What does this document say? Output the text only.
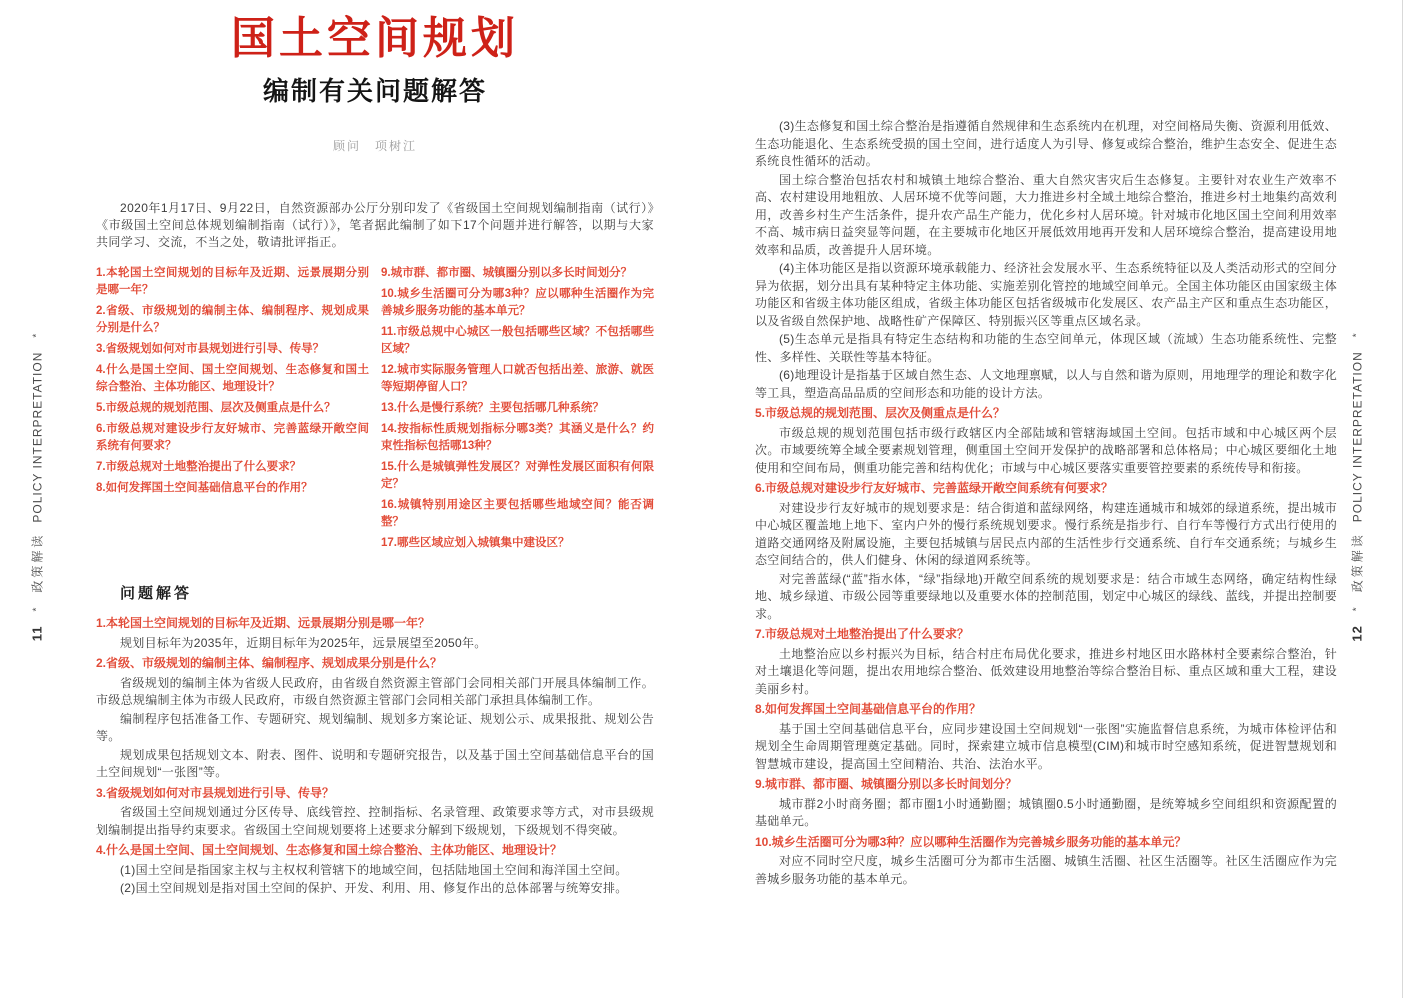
11*政策解读POLICY INTERPRETATION*
12*政策解读POLICY INTERPRETATION*
国土空间规划
编制有关问题解答
顾问　项树江

2020年1月17日、9月22日，自然资源部办公厅分别印发了《省级国土空间规划编制指南（试行）》《市级国土空间总体规划编制指南（试行）》，笔者据此编制了如下17个问题并进行解答，以期与大家共同学习、交流，不当之处，敬请批评指正。

1.本轮国土空间规划的目标年及近期、远景展期分别是哪一年？

2.省级、市级规划的编制主体、编制程序、规划成果分别是什么？

3.省级规划如何对市县规划进行引导、传导？

4.什么是国土空间、国土空间规划、生态修复和国土综合整治、主体功能区、地理设计？

5.市级总规的规划范围、层次及侧重点是什么？

6.市级总规对建设步行友好城市、完善蓝绿开敞空间系统有何要求？

7.市级总规对土地整治提出了什么要求？

8.如何发挥国土空间基础信息平台的作用？

9.城市群、都市圈、城镇圈分别以多长时间划分？

10.城乡生活圈可分为哪3种？应以哪种生活圈作为完善城乡服务功能的基本单元？

11.市级总规中心城区一般包括哪些区域？不包括哪些区域？

12.城市实际服务管理人口就否包括出差、旅游、就医等短期停留人口？

13.什么是慢行系统？主要包括哪几种系统？

14.按指标性质规划指标分哪3类？其涵义是什么？约束性指标包括哪13种？

15.什么是城镇弹性发展区？对弹性发展区面积有何限定？

16.城镇特别用途区主要包括哪些地域空间？能否调整？

17.哪些区域应划入城镇集中建设区？

问题解答

1.本轮国土空间规划的目标年及近期、远景展期分别是哪一年？

规划目标年为2035年，近期目标年为2025年，远景展望至2050年。

2.省级、市级规划的编制主体、编制程序、规划成果分别是什么？

省级规划的编制主体为省级人民政府，由省级自然资源主管部门会同相关部门开展具体编制工作。市级总规编制主体为市级人民政府，市级自然资源主管部门会同相关部门承担具体编制工作。

编制程序包括准备工作、专题研究、规划编制、规划多方案论证、规划公示、成果报批、规划公告等。

规划成果包括规划文本、附表、图件、说明和专题研究报告，以及基于国土空间基础信息平台的国土空间规划“一张图”等。

3.省级规划如何对市县规划进行引导、传导？

省级国土空间规划通过分区传导、底线管控、控制指标、名录管理、政策要求等方式，对市县级规划编制提出指导约束要求。省级国土空间规划要将上述要求分解到下级规划，下级规划不得突破。

4.什么是国土空间、国土空间规划、生态修复和国土综合整治、主体功能区、地理设计？

(1)国土空间是指国家主权与主权权利管辖下的地域空间，包括陆地国土空间和海洋国土空间。

(2)国土空间规划是指对国土空间的保护、开发、利用、用、修复作出的总体部署与统筹安排。

(3)生态修复和国土综合整治是指遵循自然规律和生态系统内在机理，对空间格局失衡、资源利用低效、生态功能退化、生态系统受损的国土空间，进行适度人为引导、修复或综合整治，维护生态安全、促进生态系统良性循环的活动。

国土综合整治包括农村和城镇土地综合整治、重大自然灾害灾后生态修复。主要针对农业生产效率不高、农村建设用地粗放、人居环境不优等问题，大力推进乡村全域土地综合整治，推进乡村土地集约高效利用，改善乡村生产生活条件，提升农产品生产能力，优化乡村人居环境。针对城市化地区国土空间利用效率不高、城市病日益突显等问题，在主要城市化地区开展低效用地再开发和人居环境综合整治，提高建设用地效率和品质，改善提升人居环境。

(4)主体功能区是指以资源环境承载能力、经济社会发展水平、生态系统特征以及人类活动形式的空间分异为依据，划分出具有某种特定主体功能、实施差别化管控的地域空间单元。全国主体功能区由国家级主体功能区和省级主体功能区组成，省级主体功能区包括省级城市化发展区、农产品主产区和重点生态功能区，以及省级自然保护地、战略性矿产保障区、特别振兴区等重点区域名录。

(5)生态单元是指具有特定生态结构和功能的生态空间单元，体现区域（流域）生态功能系统性、完整性、多样性、关联性等基本特征。

(6)地理设计是指基于区域自然生态、人文地理禀赋，以人与自然和谐为原则，用地理学的理论和数字化等工具，塑造高品品质的空间形态和功能的设计方法。

5.市级总规的规划范围、层次及侧重点是什么？

市级总规的规划范围包括市级行政辖区内全部陆域和管辖海域国土空间。包括市域和中心城区两个层次。市域要统筹全域全要素规划管理，侧重国土空间开发保护的战略部署和总体格局；中心城区要细化土地使用和空间布局，侧重功能完善和结构优化；市域与中心城区要落实重要管控要素的系统传导和衔接。

6.市级总规对建设步行友好城市、完善蓝绿开敞空间系统有何要求？

对建设步行友好城市的规划要求是：结合街道和蓝绿网络，构建连通城市和城郊的绿道系统，提出城市中心城区覆盖地上地下、室内户外的慢行系统规划要求。慢行系统是指步行、自行车等慢行方式出行使用的道路交通网络及附属设施，主要包括城镇与居民点内部的生活性步行交通系统、自行车交通系统；与城乡生态空间结合的，供人们健身、休闲的绿道网系统等。

对完善蓝绿(“蓝”指水体，“绿”指绿地)开敞空间系统的规划要求是：结合市域生态网络，确定结构性绿地、城乡绿道、市级公园等重要绿地以及重要水体的控制范围，划定中心城区的绿线、蓝线，并提出控制要求。

7.市级总规对土地整治提出了什么要求？

土地整治应以乡村振兴为目标，结合村庄布局优化要求，推进乡村地区田水路林村全要素综合整治，针对土壤退化等问题，提出农用地综合整治、低效建设用地整治等综合整治目标、重点区域和重大工程，建设美丽乡村。

8.如何发挥国土空间基础信息平台的作用？

基于国土空间基础信息平台，应同步建设国土空间规划“一张图”实施监督信息系统，为城市体检评估和规划全生命周期管理奠定基础。同时，探索建立城市信息模型(CIM)和城市时空感知系统，促进智慧规划和智慧城市建设，提高国土空间精治、共治、法治水平。

9.城市群、都市圈、城镇圈分别以多长时间划分？

城市群2小时商务圈；都市圈1小时通勤圈；城镇圈0.5小时通勤圈，是统筹城乡空间组织和资源配置的基础单元。

10.城乡生活圈可分为哪3种？应以哪种生活圈作为完善城乡服务功能的基本单元？

对应不同时空尺度，城乡生活圈可分为都市生活圈、城镇生活圈、社区生活圈等。社区生活圈应作为完善城乡服务功能的基本单元。
